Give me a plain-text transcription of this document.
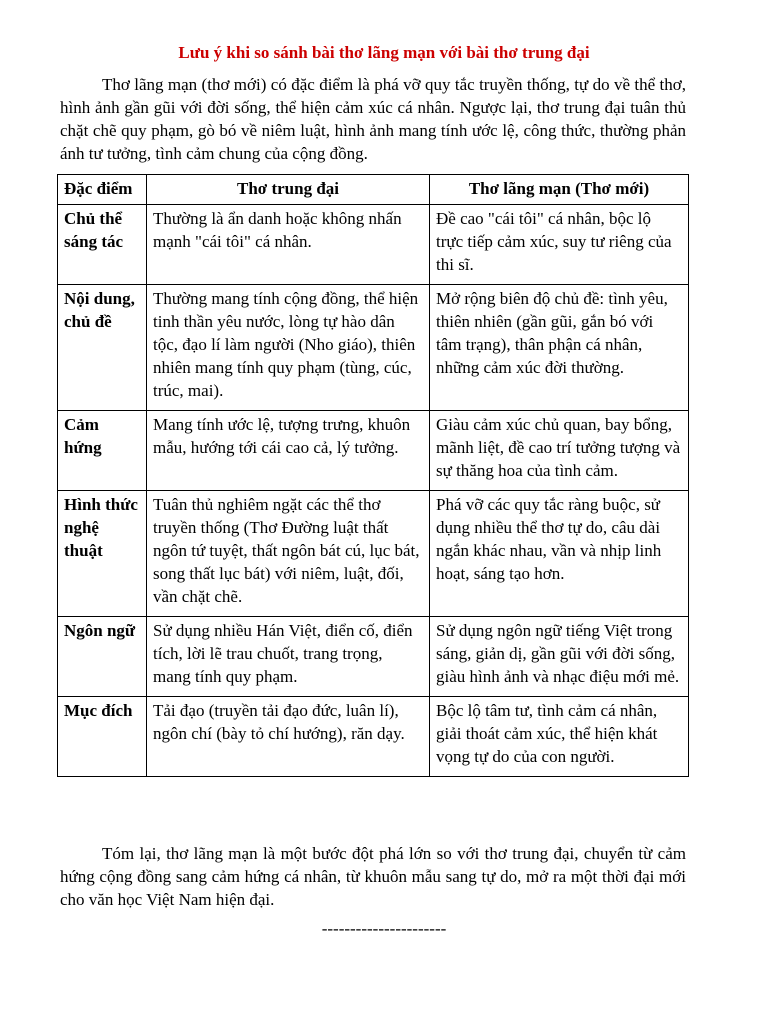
Lưu ý khi so sánh bài thơ lãng mạn với bài thơ trung đại

Thơ lãng mạn (thơ mới) có đặc điểm là phá vỡ quy tắc truyền thống, tự do về thể thơ, hình ảnh gần gũi với đời sống, thể hiện cảm xúc cá nhân. Ngược lại, thơ trung đại tuân thủ chặt chẽ quy phạm, gò bó về niêm luật, hình ảnh mang tính ước lệ, công thức, thường phản ánh tư tưởng, tình cảm chung của cộng đồng.

Đặc điểm	Thơ trung đại	Thơ lãng mạn (Thơ mới)
Chủ thể sáng tác	Thường là ẩn danh hoặc không nhấn mạnh "cái tôi" cá nhân.	Đề cao "cái tôi" cá nhân, bộc lộ trực tiếp cảm xúc, suy tư riêng của thi sĩ.
Nội dung, chủ đề	Thường mang tính cộng đồng, thể hiện tinh thần yêu nước, lòng tự hào dân tộc, đạo lí làm người (Nho giáo), thiên nhiên mang tính quy phạm (tùng, cúc, trúc, mai).	Mở rộng biên độ chủ đề: tình yêu, thiên nhiên (gần gũi, gắn bó với tâm trạng), thân phận cá nhân, những cảm xúc đời thường.
Cảm hứng	Mang tính ước lệ, tượng trưng, khuôn mẫu, hướng tới cái cao cả, lý tưởng.	Giàu cảm xúc chủ quan, bay bổng, mãnh liệt, đề cao trí tưởng tượng và sự thăng hoa của tình cảm.
Hình thức nghệ thuật	Tuân thủ nghiêm ngặt các thể thơ truyền thống (Thơ Đường luật thất ngôn tứ tuyệt, thất ngôn bát cú, lục bát, song thất lục bát) với niêm, luật, đối, vần chặt chẽ.	Phá vỡ các quy tắc ràng buộc, sử dụng nhiều thể thơ tự do, câu dài ngắn khác nhau, vần và nhịp linh hoạt, sáng tạo hơn.
Ngôn ngữ	Sử dụng nhiều Hán Việt, điển cố, điển tích, lời lẽ trau chuốt, trang trọng, mang tính quy phạm.	Sử dụng ngôn ngữ tiếng Việt trong sáng, giản dị, gần gũi với đời sống, giàu hình ảnh và nhạc điệu mới mẻ.
Mục đích	Tải đạo (truyền tải đạo đức, luân lí), ngôn chí (bày tỏ chí hướng), răn dạy.	Bộc lộ tâm tư, tình cảm cá nhân, giải thoát cảm xúc, thể hiện khát vọng tự do của con người.

Tóm lại, thơ lãng mạn là một bước đột phá lớn so với thơ trung đại, chuyển từ cảm hứng cộng đồng sang cảm hứng cá nhân, từ khuôn mẫu sang tự do, mở ra một thời đại mới cho văn học Việt Nam hiện đại.

----------------------
